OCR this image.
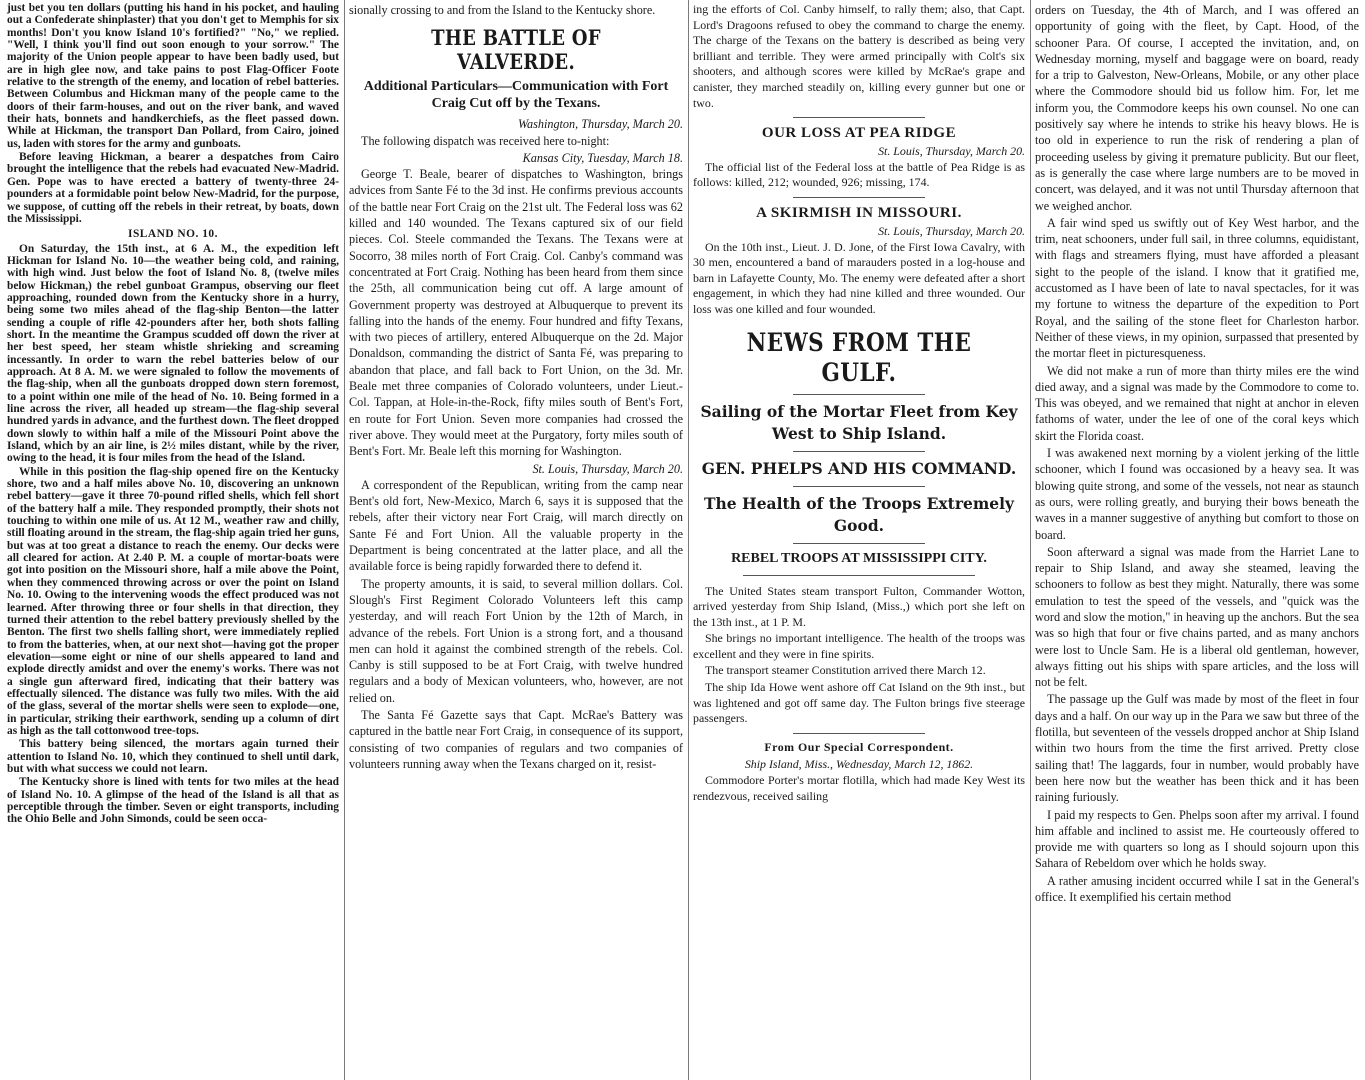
just bet you ten dollars (putting his hand in his pocket, and hauling out a Confederate shinplaster) that you don't get to Memphis for six months! Don't you know Island 10's fortified?" "No," we replied. "Well, I think you'll find out soon enough to your sorrow." The majority of the Union people appear to have been badly used, but are in high glee now, and take pains to post Flag-Officer Foote relative to the strength of the enemy, and location of rebel batteries. Between Columbus and Hickman many of the people came to the doors of their farm-houses, and out on the river bank, and waved their hats, bonnets and handkerchiefs, as the fleet passed down. While at Hickman, the transport Dan Pollard, from Cairo, joined us, laden with stores for the army and gunboats.

Before leaving Hickman, a bearer a despatches from Cairo brought the intelligence that the rebels had evacuated New-Madrid. Gen. Pope was to have erected a battery of twenty-three 24-pounders at a formidable point below New-Madrid, for the purpose, we suppose, of cutting off the rebels in their retreat, by boats, down the Mississippi.

ISLAND NO. 10.

On Saturday, the 15th inst., at 6 A. M., the expedition left Hickman for Island No. 10—the weather being cold, and raining, with high wind. Just below the foot of Island No. 8, (twelve miles below Hickman,) the rebel gunboat Grampus, observing our fleet approaching, rounded down from the Kentucky shore in a hurry, being some two miles ahead of the flag-ship Benton—the latter sending a couple of rifle 42-pounders after her, both shots falling short. In the meantime the Grampus scudded off down the river at her best speed, her steam whistle shrieking and screaming incessantly. In order to warn the rebel batteries below of our approach. At 8 A. M. we were signaled to follow the movements of the flag-ship, when all the gunboats dropped down stern foremost, to a point within one mile of the head of No. 10. Being formed in a line across the river, all headed up stream—the flag-ship several hundred yards in advance, and the furthest down. The fleet dropped down slowly to within half a mile of the Missouri Point above the Island, which by an air line, is 2½ miles distant, while by the river, owing to the head, it is four miles from the head of the Island.

While in this position the flag-ship opened fire on the Kentucky shore, two and a half miles above No. 10, discovering an unknown rebel battery—gave it three 70-pound rifled shells, which fell short of the battery half a mile. They responded promptly, their shots not touching to within one mile of us. At 12 M., weather raw and chilly, still floating around in the stream, the flag-ship again tried her guns, but was at too great a distance to reach the enemy. Our decks were all cleared for action. At 2.40 P. M. a couple of mortar-boats were got into position on the Missouri shore, half a mile above the Point, when they commenced throwing across or over the point on Island No. 10. Owing to the intervening woods the effect produced was not learned. After throwing three or four shells in that direction, they turned their attention to the rebel battery previously shelled by the Benton. The first two shells falling short, were immediately replied to from the batteries, when, at our next shot—having got the proper elevation—some eight or nine of our shells appeared to land and explode directly amidst and over the enemy's works. There was not a single gun afterward fired, indicating that their battery was effectually silenced. The distance was fully two miles. With the aid of the glass, several of the mortar shells were seen to explode—one, in particular, striking their earthwork, sending up a column of dirt as high as the tall cottonwood tree-tops.

This battery being silenced, the mortars again turned their attention to Island No. 10, which they continued to shell until dark, but with what success we could not learn.

The Kentucky shore is lined with tents for two miles at the head of Island No. 10. A glimpse of the head of the Island is all that as perceptible through the timber. Seven or eight transports, including the Ohio Belle and John Simonds, could be seen occa-

sionally crossing to and from the Island to the Kentucky shore.

THE BATTLE OF VALVERDE.

Additional Particulars—Communication with Fort Craig Cut off by the Texans.

Washington, Thursday, March 20.

The following dispatch was received here to-night:

Kansas City, Tuesday, March 18.

George T. Beale, bearer of dispatches to Washington, brings advices from Sante Fé to the 3d inst. He confirms previous accounts of the battle near Fort Craig on the 21st ult. The Federal loss was 62 killed and 140 wounded. The Texans captured six of our field pieces. Col. Steele commanded the Texans. The Texans were at Socorro, 38 miles north of Fort Craig. Col. Canby's command was concentrated at Fort Craig. Nothing has been heard from them since the 25th, all communication being cut off. A large amount of Government property was destroyed at Albuquerque to prevent its falling into the hands of the enemy. Four hundred and fifty Texans, with two pieces of artillery, entered Albuquerque on the 2d. Major Donaldson, commanding the district of Santa Fé, was preparing to abandon that place, and fall back to Fort Union, on the 3d. Mr. Beale met three companies of Colorado volunteers, under Lieut.-Col. Tappan, at Hole-in-the-Rock, fifty miles south of Bent's Fort, en route for Fort Union. Seven more companies had crossed the river above. They would meet at the Purgatory, forty miles south of Bent's Fort. Mr. Beale left this morning for Washington.

St. Louis, Thursday, March 20.

A correspondent of the Republican, writing from the camp near Bent's old fort, New-Mexico, March 6, says it is supposed that the rebels, after their victory near Fort Craig, will march directly on Sante Fé and Fort Union. All the valuable property in the Department is being concentrated at the latter place, and all the available force is being rapidly forwarded there to defend it.

The property amounts, it is said, to several million dollars. Col. Slough's First Regiment Colorado Volunteers left this camp yesterday, and will reach Fort Union by the 12th of March, in advance of the rebels. Fort Union is a strong fort, and a thousand men can hold it against the combined strength of the rebels. Col. Canby is still supposed to be at Fort Craig, with twelve hundred regulars and a body of Mexican volunteers, who, however, are not relied on.

The Santa Fé Gazette says that Capt. McRae's Battery was captured in the battle near Fort Craig, in consequence of its support, consisting of two companies of regulars and two companies of volunteers running away when the Texans charged on it, resist-

ing the efforts of Col. Canby himself, to rally them; also, that Capt. Lord's Dragoons refused to obey the command to charge the enemy. The charge of the Texans on the battery is described as being very brilliant and terrible. They were armed principally with Colt's six shooters, and although scores were killed by McRae's grape and canister, they marched steadily on, killing every gunner but one or two.

OUR LOSS AT PEA RIDGE

St. Louis, Thursday, March 20.

The official list of the Federal loss at the battle of Pea Ridge is as follows: killed, 212; wounded, 926; missing, 174.

A SKIRMISH IN MISSOURI.

St. Louis, Thursday, March 20.

On the 10th inst., Lieut. J. D. Jone, of the First Iowa Cavalry, with 30 men, encountered a band of marauders posted in a log-house and barn in Lafayette County, Mo. The enemy were defeated after a short engagement, in which they had nine killed and three wounded. Our loss was one killed and four wounded.

NEWS FROM THE GULF.

Sailing of the Mortar Fleet from Key West to Ship Island.

GEN. PHELPS AND HIS COMMAND.

The Health of the Troops Extremely Good.

REBEL TROOPS AT MISSISSIPPI CITY.

The United States steam transport Fulton, Commander Wotton, arrived yesterday from Ship Island, (Miss.,) which port she left on the 13th inst., at 1 P. M.

She brings no important intelligence. The health of the troops was excellent and they were in fine spirits.

The transport steamer Constitution arrived there March 12.

The ship Ida Howe went ashore off Cat Island on the 9th inst., but was lightened and got off same day. The Fulton brings five steerage passengers.

From Our Special Correspondent.

Ship Island, Miss., Wednesday, March 12, 1862.

Commodore Porter's mortar flotilla, which had made Key West its rendezvous, received sailing

orders on Tuesday, the 4th of March, and I was offered an opportunity of going with the fleet, by Capt. Hood, of the schooner Para. Of course, I accepted the invitation, and, on Wednesday morning, myself and baggage were on board, ready for a trip to Galveston, New-Orleans, Mobile, or any other place where the Commodore should bid us follow him. For, let me inform you, the Commodore keeps his own counsel. No one can positively say where he intends to strike his heavy blows. He is too old in experience to run the risk of rendering a plan of proceeding useless by giving it premature publicity. But our fleet, as is generally the case where large numbers are to be moved in concert, was delayed, and it was not until Thursday afternoon that we weighed anchor.

A fair wind sped us swiftly out of Key West harbor, and the trim, neat schooners, under full sail, in three columns, equidistant, with flags and streamers flying, must have afforded a pleasant sight to the people of the island. I know that it gratified me, accustomed as I have been of late to naval spectacles, for it was my fortune to witness the departure of the expedition to Port Royal, and the sailing of the stone fleet for Charleston harbor. Neither of these views, in my opinion, surpassed that presented by the mortar fleet in picturesqueness.

We did not make a run of more than thirty miles ere the wind died away, and a signal was made by the Commodore to come to. This was obeyed, and we remained that night at anchor in eleven fathoms of water, under the lee of one of the coral keys which skirt the Florida coast.

I was awakened next morning by a violent jerking of the little schooner, which I found was occasioned by a heavy sea. It was blowing quite strong, and some of the vessels, not near as staunch as ours, were rolling greatly, and burying their bows beneath the waves in a manner suggestive of anything but comfort to those on board.

Soon afterward a signal was made from the Harriet Lane to repair to Ship Island, and away she steamed, leaving the schooners to follow as best they might. Naturally, there was some emulation to test the speed of the vessels, and "quick was the word and slow the motion," in heaving up the anchors. But the sea was so high that four or five chains parted, and as many anchors were lost to Uncle Sam. He is a liberal old gentleman, however, always fitting out his ships with spare articles, and the loss will not be felt.

The passage up the Gulf was made by most of the fleet in four days and a half. On our way up in the Para we saw but three of the flotilla, but seventeen of the vessels dropped anchor at Ship Island within two hours from the time the first arrived. Pretty close sailing that! The laggards, four in number, would probably have been here now but the weather has been thick and it has been raining furiously.

I paid my respects to Gen. Phelps soon after my arrival. I found him affable and inclined to assist me. He courteously offered to provide me with quarters so long as I should sojourn upon this Sahara of Rebeldom over which he holds sway.

A rather amusing incident occurred while I sat in the General's office. It exemplified his certain method
